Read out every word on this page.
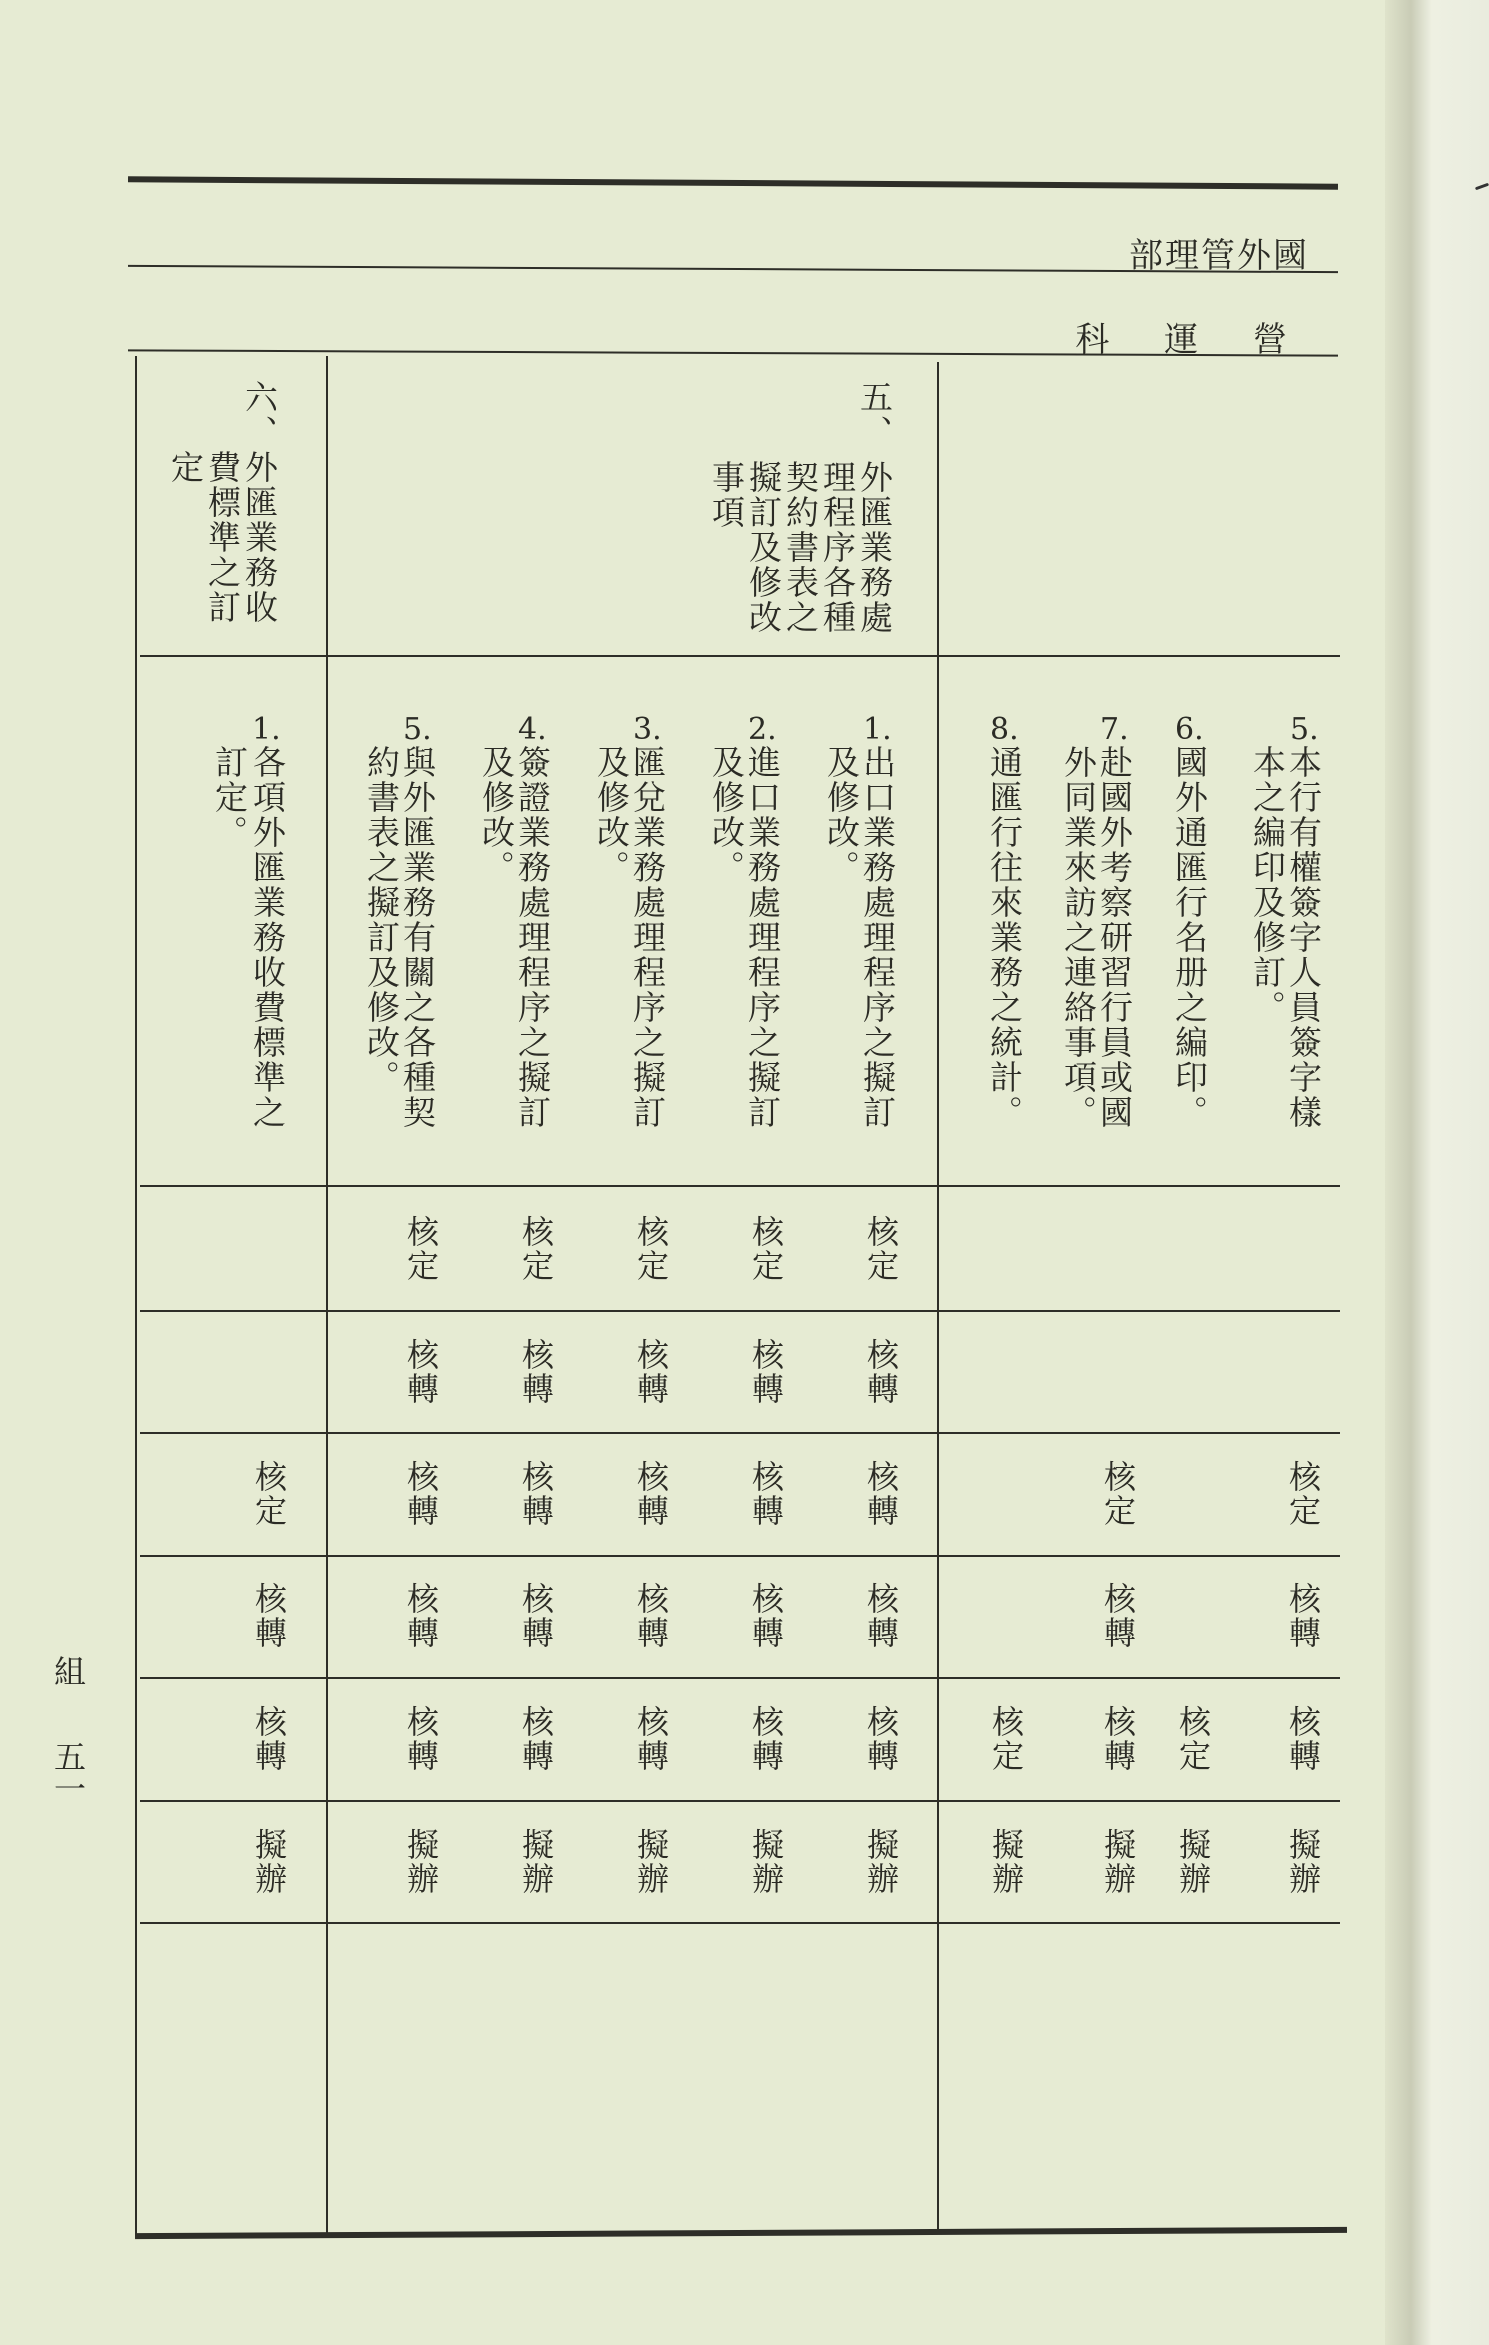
國外管理部
營 運 科
六、
外匯業務收
費標準之訂
定
五、
外匯業務處
理程序各種
契約書表之
擬訂及修改
事項
1.
各項外匯業務收費標準之
訂定。
1.
出口業務處理程序之擬訂
及修改。
2.
進口業務處理程序之擬訂
及修改。
3.
匯兌業務處理程序之擬訂
及修改。
4.
簽證業務處理程序之擬訂
及修改。
5.
與外匯業務有關之各種契
約書表之擬訂及修改。
5.
本行有權簽字人員簽字樣
本之編印及修訂。
6.
國外通匯行名册之編印。
7.
赴國外考察研習行員或國
外同業來訪之連絡事項。
8.
通匯行往來業務之統計。
核定
核轉
核轉
擬辦
核定
核轉
核轉
核轉
核轉
擬辦
核定
核轉
核轉
核轉
核轉
擬辦
核定
核轉
核轉
核轉
核轉
擬辦
核定
核轉
核轉
核轉
核轉
擬辦
核定
核轉
核轉
核轉
核轉
擬辦
核定
核轉
核轉
擬辦
核定
擬辦
核定
核轉
核轉
擬辦
核定
擬辦
組
五一
